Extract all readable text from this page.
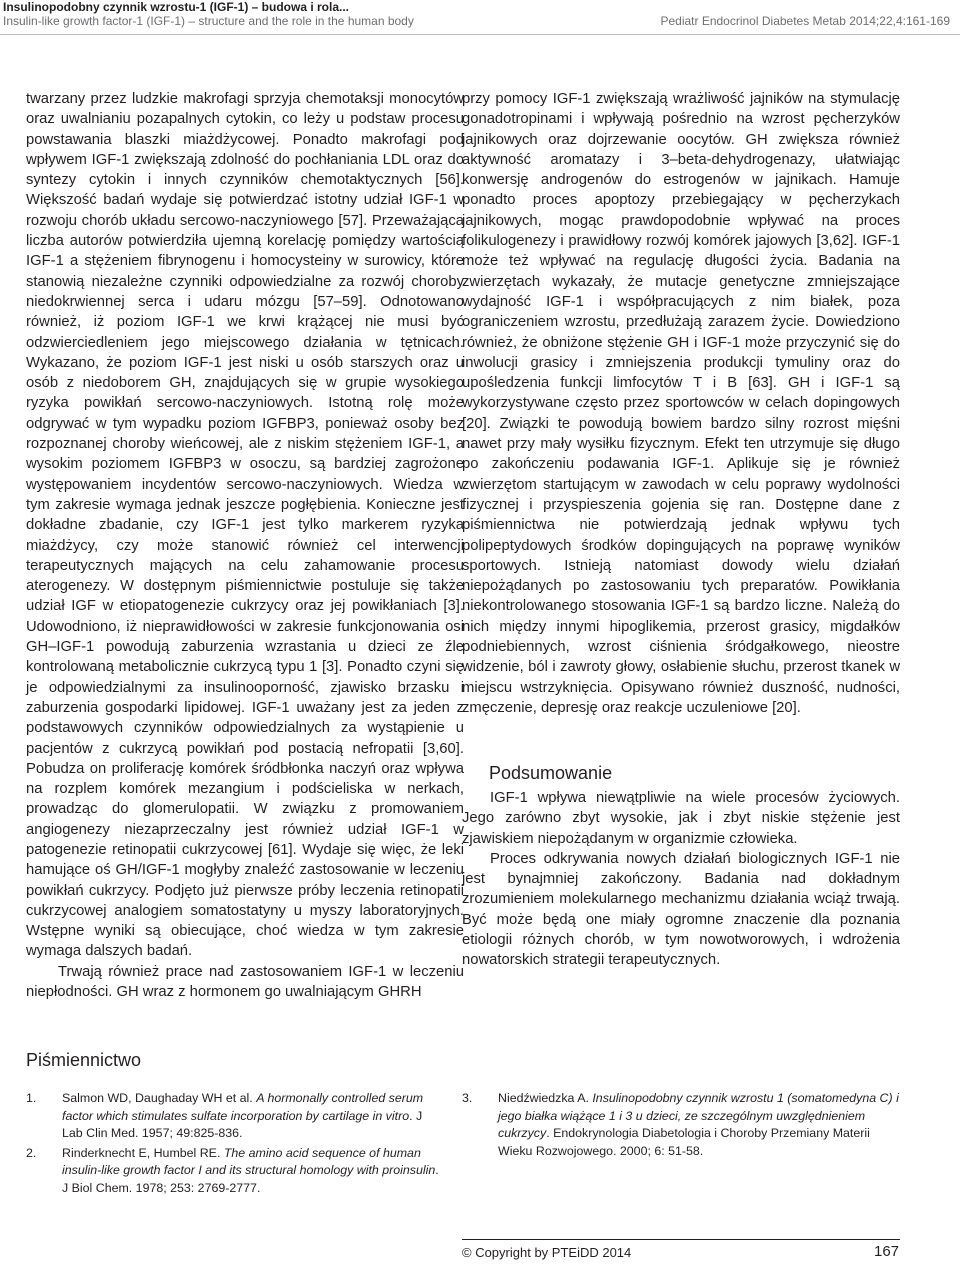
Insulinopodobny czynnik wzrostu-1 (IGF-1) – budowa i rola...
Insulin-like growth factor-1 (IGF-1) – structure and the role in the human body	Pediatr Endocrinol Diabetes Metab 2014;22,4:161-169

twarzany przez ludzkie makrofagi sprzyja chemotaksji monocytów oraz uwalnianiu pozapalnych cytokin, co leży u podstaw procesu powstawania blaszki miażdżycowej. Ponadto makrofagi pod wpływem IGF-1 zwiększają zdolność do pochłaniania LDL oraz do syntezy cytokin i innych czynników chemotaktycznych [56]. Większość badań wydaje się potwierdzać istotny udział IGF-1 w rozwoju chorób układu sercowo-naczyniowego [57]. Przeważająca liczba autorów potwierdziła ujemną korelację pomiędzy wartością IGF-1 a stężeniem fibrynogenu i homocysteiny w surowicy, które stanowią niezależne czynniki odpowiedzialne za rozwój choroby niedokrwiennej serca i udaru mózgu [57–59]. Odnotowano również, iż poziom IGF-1 we krwi krążącej nie musi być odzwierciedleniem jego miejscowego działania w tętnicach. Wykazano, że poziom IGF-1 jest niski u osób starszych oraz u osób z niedoborem GH, znajdujących się w grupie wysokiego ryzyka powikłań sercowo-naczyniowych. Istotną rolę może odgrywać w tym wypadku poziom IGFBP3, ponieważ osoby bez rozpoznanej choroby wieńcowej, ale z niskim stężeniem IGF-1, a wysokim poziomem IGFBP3 w osoczu, są bardziej zagrożone występowaniem incydentów sercowo-naczyniowych. Wiedza w tym zakresie wymaga jednak jeszcze pogłębienia. Konieczne jest dokładne zbadanie, czy IGF-1 jest tylko markerem ryzyka miażdżycy, czy może stanowić również cel interwencji terapeutycznych mających na celu zahamowanie procesu aterogenezy. W dostępnym piśmiennictwie postuluje się także udział IGF w etiopatogenezie cukrzycy oraz jej powikłaniach [3]. Udowodniono, iż nieprawidłowości w zakresie funkcjonowania osi GH–IGF-1 powodują zaburzenia wzrastania u dzieci ze źle kontrolowaną metabolicznie cukrzycą typu 1 [3]. Ponadto czyni się je odpowiedzialnymi za insulinooporność, zjawisko brzasku i zaburzenia gospodarki lipidowej. IGF-1 uważany jest za jeden z podstawowych czynników odpowiedzialnych za wystąpienie u pacjentów z cukrzycą powikłań pod postacią nefropatii [3,60]. Pobudza on proliferację komórek śródbłonka naczyń oraz wpływa na rozplem komórek mezangium i podścieliska w nerkach, prowadząc do glomerulopatii. W związku z promowaniem angiogenezy niezaprzeczalny jest również udział IGF-1 w patogenezie retinopatii cukrzycowej [61]. Wydaje się więc, że leki hamujące oś GH/IGF-1 mogłyby znaleźć zastosowanie w leczeniu powikłań cukrzycy. Podjęto już pierwsze próby leczenia retinopatii cukrzycowej analogiem somatostatyny u myszy laboratoryjnych. Wstępne wyniki są obiecujące, choć wiedza w tym zakresie wymaga dalszych badań.

Trwają również prace nad zastosowaniem IGF-1 w leczeniu niepłodności. GH wraz z hormonem go uwalniającym GHRH

przy pomocy IGF-1 zwiększają wrażliwość jajników na stymulację gonadotropinami i wpływają pośrednio na wzrost pęcherzyków jajnikowych oraz dojrzewanie oocytów. GH zwiększa również aktywność aromatazy i 3–beta-dehydrogenazy, ułatwiając konwersję androgenów do estrogenów w jajnikach. Hamuje ponadto proces apoptozy przebiegający w pęcherzykach jajnikowych, mogąc prawdopodobnie wpływać na proces folikulogenezy i prawidłowy rozwój komórek jajowych [3,62]. IGF-1 może też wpływać na regulację długości życia. Badania na zwierzętach wykazały, że mutacje genetyczne zmniejszające wydajność IGF-1 i współpracujących z nim białek, poza ograniczeniem wzrostu, przedłużają zarazem życie. Dowiedziono również, że obniżone stężenie GH i IGF-1 może przyczynić się do inwolucji grasicy i zmniejszenia produkcji tymuliny oraz do upośledzenia funkcji limfocytów T i B [63]. GH i IGF-1 są wykorzystywane często przez sportowców w celach dopingowych [20]. Związki te powodują bowiem bardzo silny rozrost mięśni nawet przy mały wysiłku fizycznym. Efekt ten utrzymuje się długo po zakończeniu podawania IGF-1. Aplikuje się je również zwierzętom startującym w zawodach w celu poprawy wydolności fizycznej i przyspieszenia gojenia się ran. Dostępne dane z piśmiennictwa nie potwierdzają jednak wpływu tych polipeptydowych środków dopingujących na poprawę wyników sportowych. Istnieją natomiast dowody wielu działań niepożądanych po zastosowaniu tych preparatów. Powikłania niekontrolowanego stosowania IGF-1 są bardzo liczne. Należą do nich między innymi hipoglikemia, przerost grasicy, migdałków podniebiennych, wzrost ciśnienia śródgałkowego, nieostre widzenie, ból i zawroty głowy, osłabienie słuchu, przerost tkanek w miejscu wstrzyknięcia. Opisywano również duszność, nudności, zmęczenie, depresję oraz reakcje uczuleniowe [20].

Podsumowanie

IGF-1 wpływa niewątpliwie na wiele procesów życiowych. Jego zarówno zbyt wysokie, jak i zbyt niskie stężenie jest zjawiskiem niepożądanym w organizmie człowieka.

Proces odkrywania nowych działań biologicznych IGF-1 nie jest bynajmniej zakończony. Badania nad dokładnym zrozumieniem molekularnego mechanizmu działania wciąż trwają. Być może będą one miały ogromne znaczenie dla poznania etiologii różnych chorób, w tym nowotworowych, i wdrożenia nowatorskich strategii terapeutycznych.

Piśmiennictwo
1. Salmon WD, Daughaday WH et al. A hormonally controlled serum factor which stimulates sulfate incorporation by cartilage in vitro. J Lab Clin Med. 1957; 49:825-836.
2. Rinderknecht E, Humbel RE. The amino acid sequence of human insulin-like growth factor I and its structural homology with proinsulin. J Biol Chem. 1978; 253: 2769-2777.
3. Niedźwiedzka A. Insulinopodobny czynnik wzrostu 1 (somatomedyna C) i jego białka wiążące 1 i 3 u dzieci, ze szczególnym uwzględnieniem cukrzycy. Endokrynologia Diabetologia i Choroby Przemiany Materii Wieku Rozwojowego. 2000; 6: 51-58.
© Copyright by PTEiDD 2014	167
